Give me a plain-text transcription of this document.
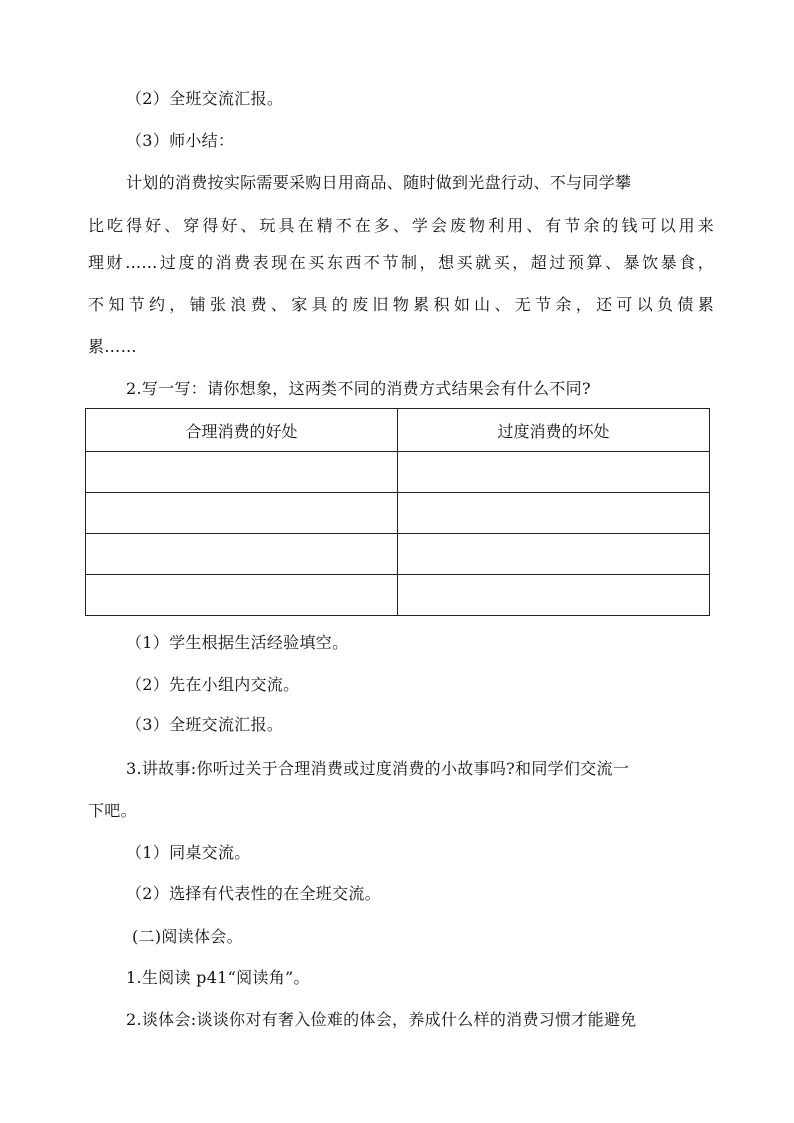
（2）全班交流汇报。
（3）师小结：
计划的消费按实际需要采购日用商品、随时做到光盘行动、不与同学攀
比吃得好、穿得好、玩具在精不在多、学会废物利用、有节余的钱可以用来
理财……过度的消费表现在买东西不节制，想买就买，超过预算、暴饮暴食，
不知节约，铺张浪费、家具的废旧物累积如山、无节余，还可以负债累
累……
2.写一写：请你想象，这两类不同的消费方式结果会有什么不同?
合理消费的好处	过度消费的坏处

（1）学生根据生活经验填空。
（2）先在小组内交流。
（3）全班交流汇报。
3.讲故事:你听过关于合理消费或过度消费的小故事吗?和同学们交流一
下吧。
（1）同桌交流。
（2）选择有代表性的在全班交流。
(二)阅读体会。
1.生阅读 p41“阅读角”。
2.谈体会:谈谈你对有奢入俭难的体会，养成什么样的消费习惯才能避免
